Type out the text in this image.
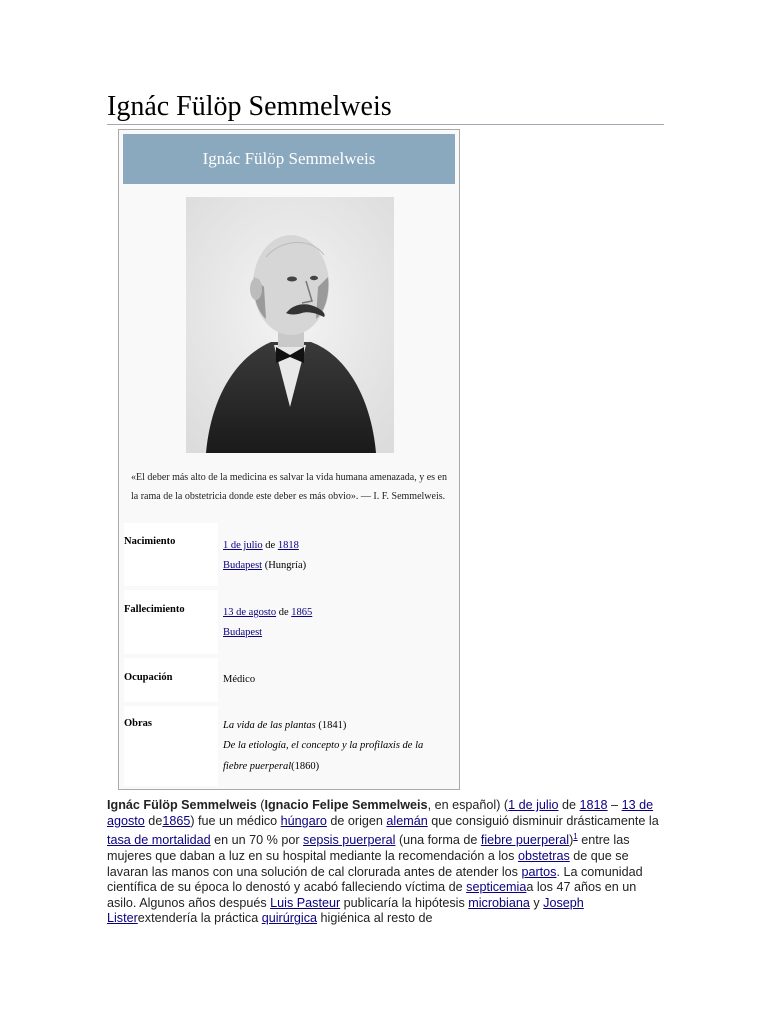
Ignác Fülöp Semmelweis
Ignác Fülöp Semmelweis
«El deber más alto de la medicina es salvar la vida humana amenazada, y es en la rama de la obstetricia donde este deber es más obvio». — I. F. Semmelweis.
Nacimiento	1 de julio de 1818
Budapest (Hungría)
Fallecimiento	13 de agosto de 1865
Budapest
Ocupación	Médico
Obras	La vida de las plantas (1841)
De la etiología, el concepto y la profilaxis de la
fiebre puerperal(1860)
Ignác Fülöp Semmelweis (Ignacio Felipe Semmelweis, en español) (1 de julio de 1818 – 13 de agosto de1865) fue un médico húngaro de origen alemán que consiguió disminuir drásticamente la tasa de mortalidad en un 70 % por sepsis puerperal (una forma de fiebre puerperal)$^1$ entre las mujeres que daban a luz en su hospital mediante la recomendación a los obstetras de que se lavaran las manos con una solución de cal clorurada antes de atender los partos. La comunidad científica de su época lo denostó y acabó falleciendo víctima de septicemiaa los 47 años en un asilo. Algunos años después Luis Pasteur publicaría la hipótesis microbiana y Joseph Listerextendería la práctica quirúrgica higiénica al resto de
